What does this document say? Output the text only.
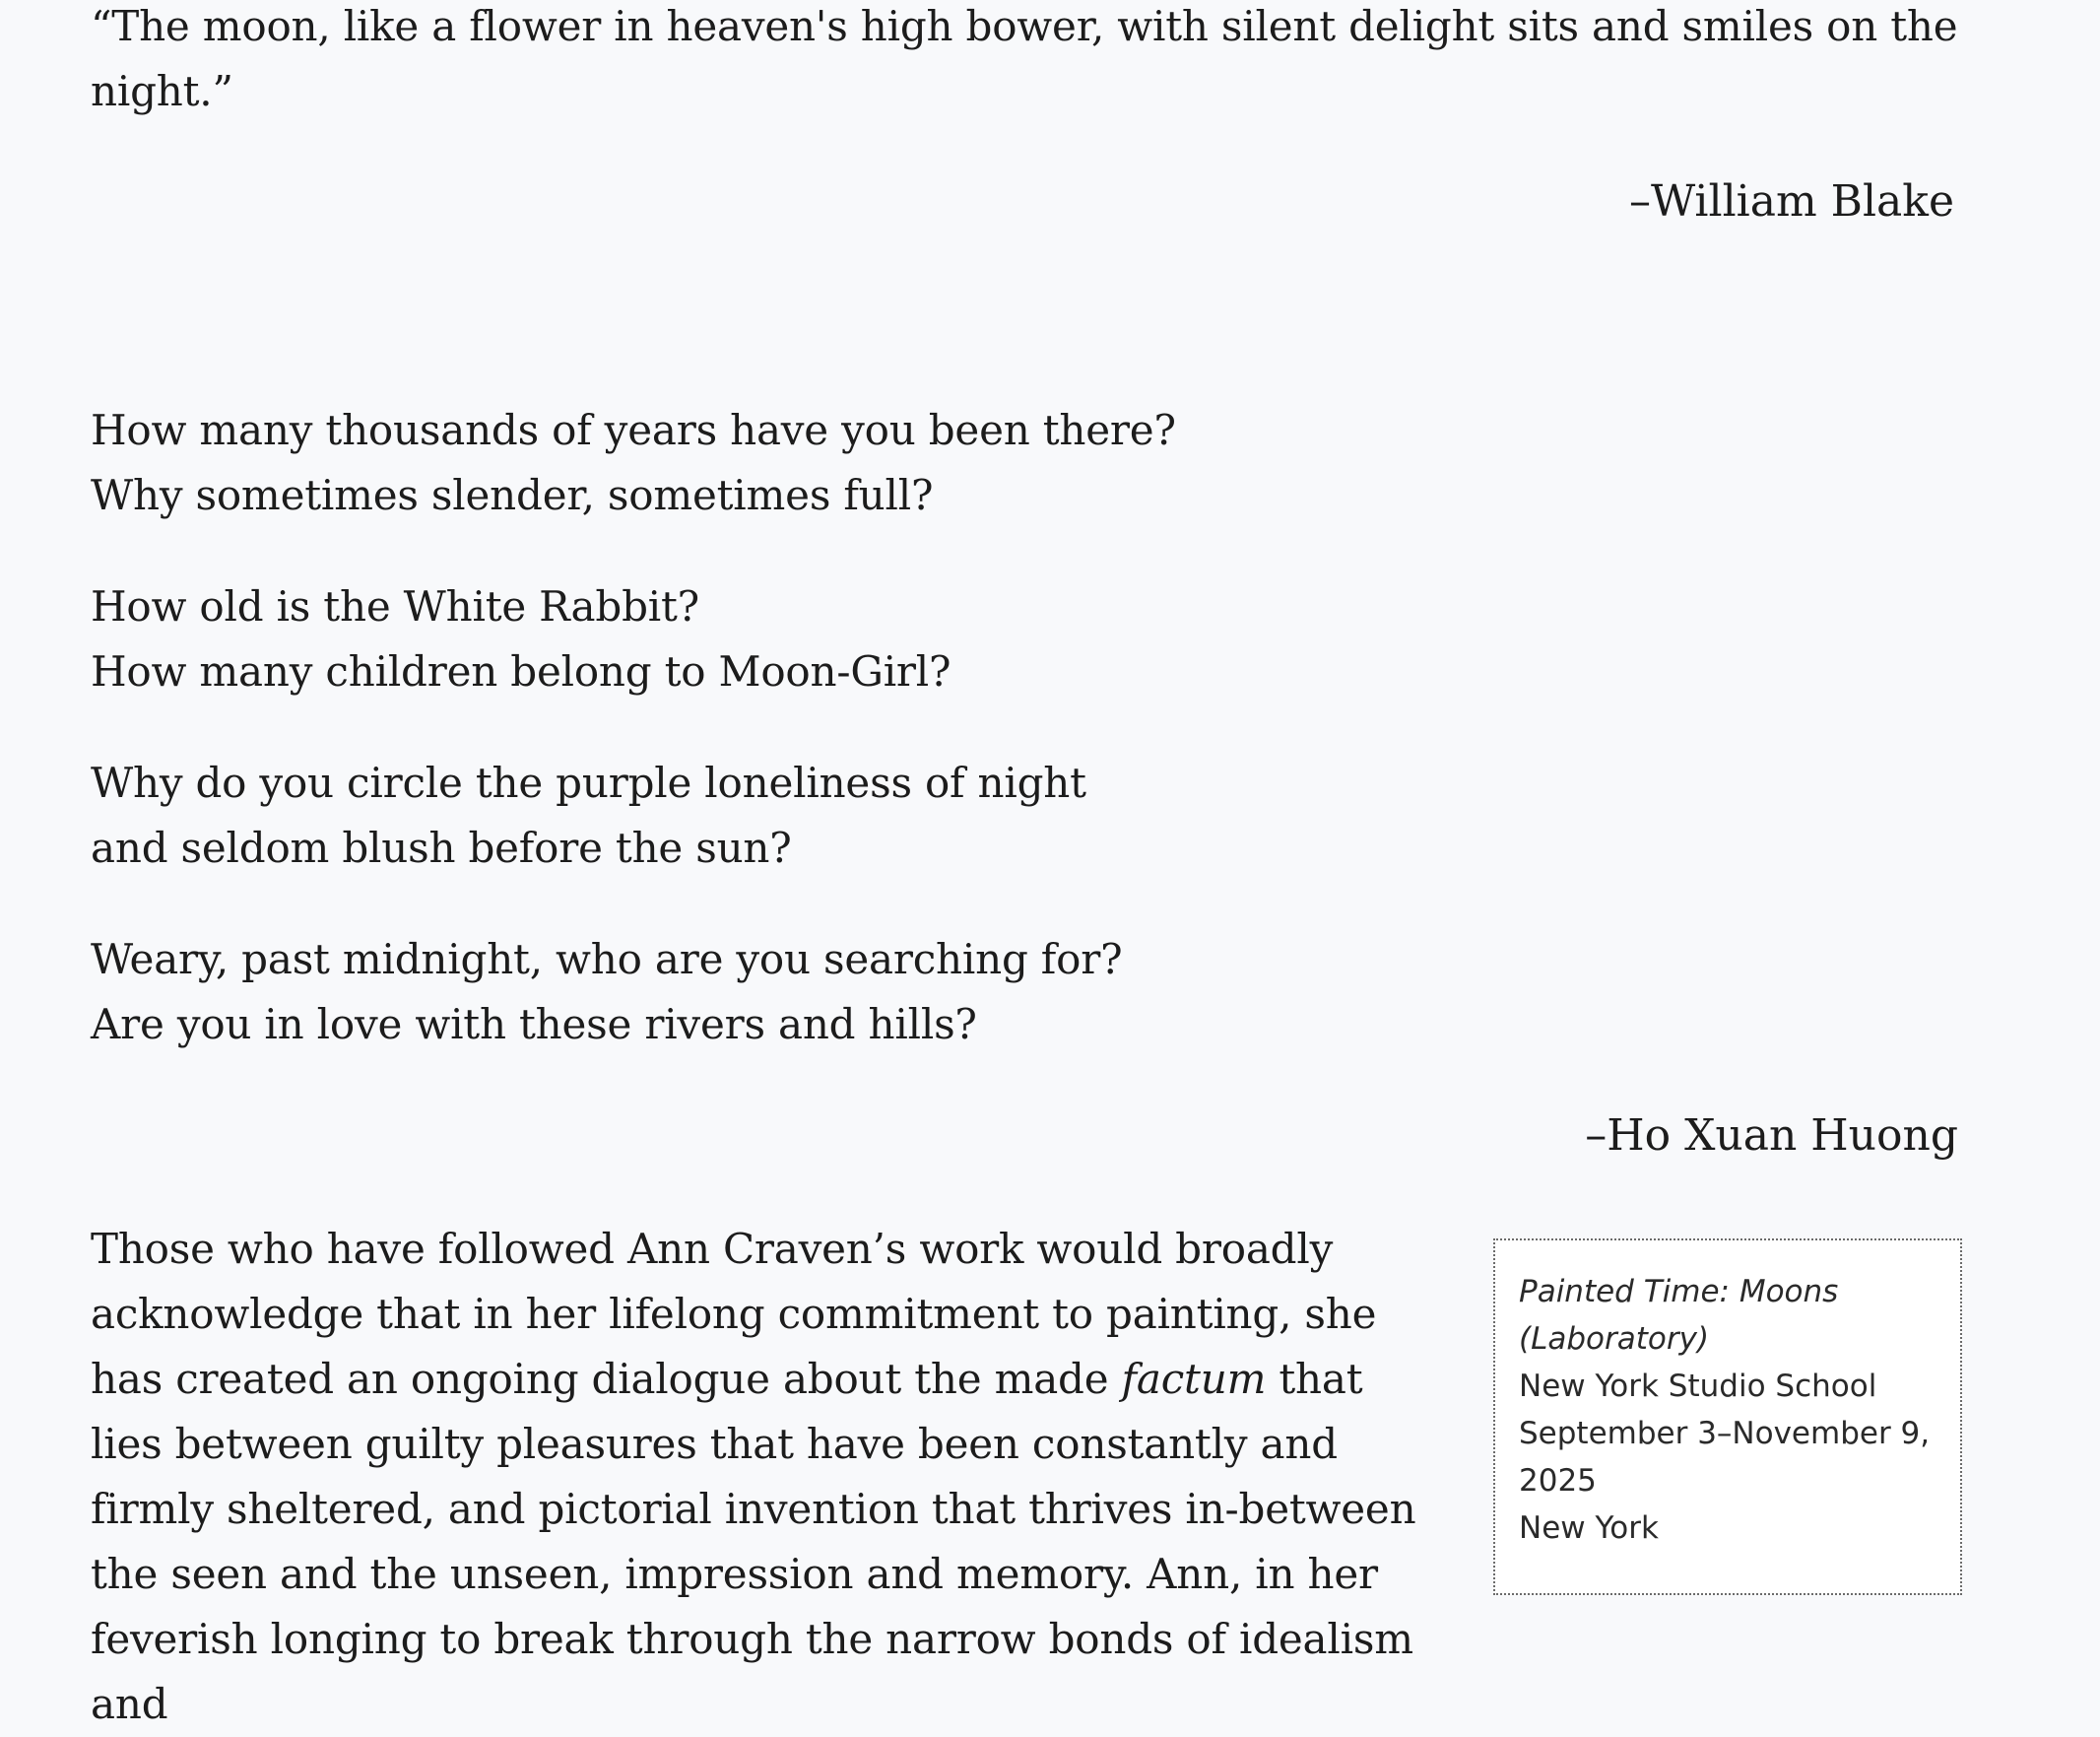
“The moon, like a flower in heaven's high bower, with silent delight sits and smiles on the night.”

–William Blake

How many thousands of years have you been there?
Why sometimes slender, sometimes full?
How old is the White Rabbit?
How many children belong to Moon-Girl?
Why do you circle the purple loneliness of night
and seldom blush before the sun?
Weary, past midnight, who are you searching for?
Are you in love with these rivers and hills?

–Ho Xuan Huong

Those who have followed Ann Craven’s work would broadly acknowledge that in her lifelong commitment to painting, she has created an ongoing dialogue about the made factum that lies between guilty pleasures that have been constantly and firmly sheltered, and pictorial invention that thrives in-between the seen and the unseen, impression and memory. Ann, in her feverish longing to break through the narrow bonds of idealism and

Painted Time: Moons (Laboratory)
New York Studio School
September 3–November 9, 2025
New York
